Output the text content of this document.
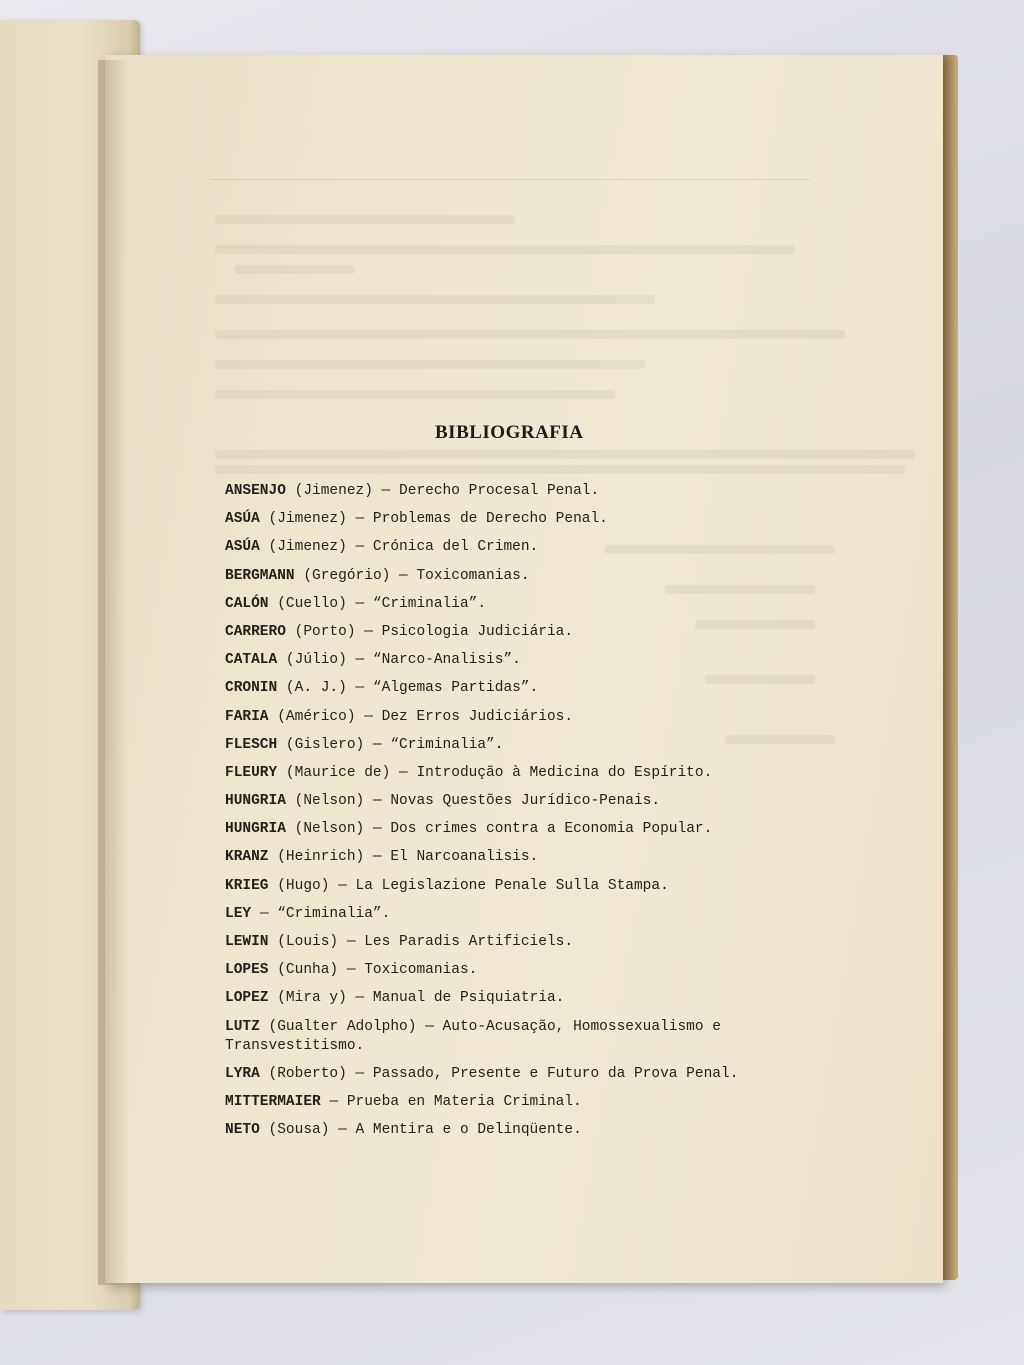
BIBLIOGRAFIA
ANSENJO (Jimenez) — Derecho Procesal Penal.
ASÚA (Jimenez) — Problemas de Derecho Penal.
ASÚA (Jimenez) — Crónica del Crimen.
BERGMANN (Gregório) — Toxicomanias.
CALÓN (Cuello) — “Criminalia”.
CARRERO (Porto) — Psicologia Judiciária.
CATALA (Júlio) — “Narco-Analisis”.
CRONIN (A. J.) — “Algemas Partidas”.
FARIA (Américo) — Dez Erros Judiciários.
FLESCH (Gislero) — “Criminalia”.
FLEURY (Maurice de) — Introdução à Medicina do Espírito.
HUNGRIA (Nelson) — Novas Questões Jurídico-Penais.
HUNGRIA (Nelson) — Dos crimes contra a Economia Popular.
KRANZ (Heinrich) — El Narcoanalisis.
KRIEG (Hugo) — La Legislazione Penale Sulla Stampa.
LEY — “Criminalia”.
LEWIN (Louis) — Les Paradis Artificiels.
LOPES (Cunha) — Toxicomanias.
LOPEZ (Mira y) — Manual de Psiquiatria.
LUTZ (Gualter Adolpho) — Auto-Acusação, Homossexualismo e Transvestitismo.
LYRA (Roberto) — Passado, Presente e Futuro da Prova Penal.
MITTERMAIER — Prueba en Materia Criminal.
NETO (Sousa) — A Mentira e o Delinqüente.
